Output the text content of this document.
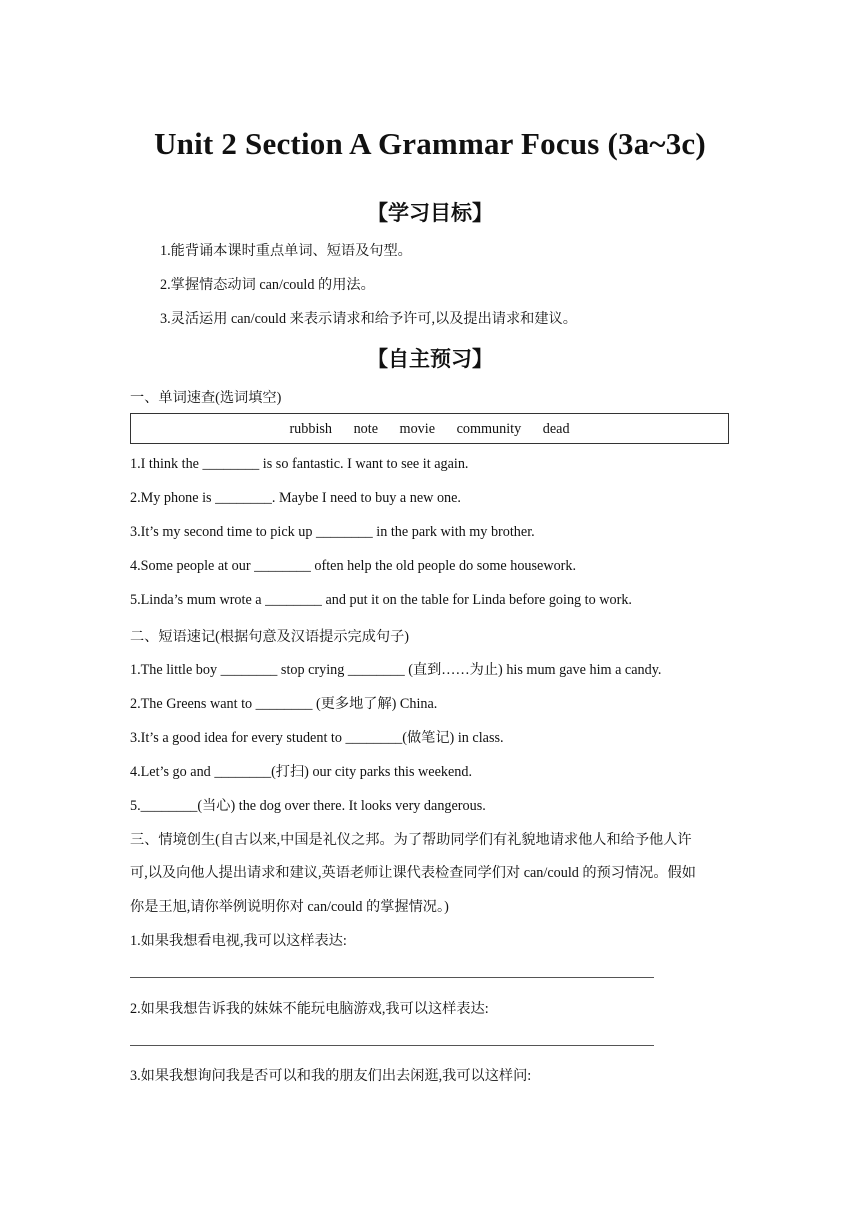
Unit 2 Section A Grammar Focus (3a~3c)
【学习目标】
1.能背诵本课时重点单词、短语及句型。
2.掌握情态动词 can/could 的用法。
3.灵活运用 can/could 来表示请求和给予许可,以及提出请求和建议。
【自主预习】
一、单词速查(选词填空)
rubbish note movie community dead
1.I think the ________ is so fantastic. I want to see it again.
2.My phone is ________. Maybe I need to buy a new one.
3.It’s my second time to pick up ________ in the park with my brother.
4.Some people at our ________ often help the old people do some housework.
5.Linda’s mum wrote a ________ and put it on the table for Linda before going to work.
二、短语速记(根据句意及汉语提示完成句子)
1.The little boy ________ stop crying ________ (直到……为止) his mum gave him a candy.
2.The Greens want to ________ (更多地了解) China.
3.It’s a good idea for every student to ________(做笔记) in class.
4.Let’s go and ________(打扫) our city parks this weekend.
5.________(当心) the dog over there. It looks very dangerous.
三、情境创生(自古以来,中国是礼仪之邦。为了帮助同学们有礼貌地请求他人和给予他人许
可,以及向他人提出请求和建议,英语老师让课代表检查同学们对 can/could 的预习情况。假如
你是王旭,请你举例说明你对 can/could 的掌握情况。)
1.如果我想看电视,我可以这样表达:
2.如果我想告诉我的妹妹不能玩电脑游戏,我可以这样表达:
3.如果我想询问我是否可以和我的朋友们出去闲逛,我可以这样问:
